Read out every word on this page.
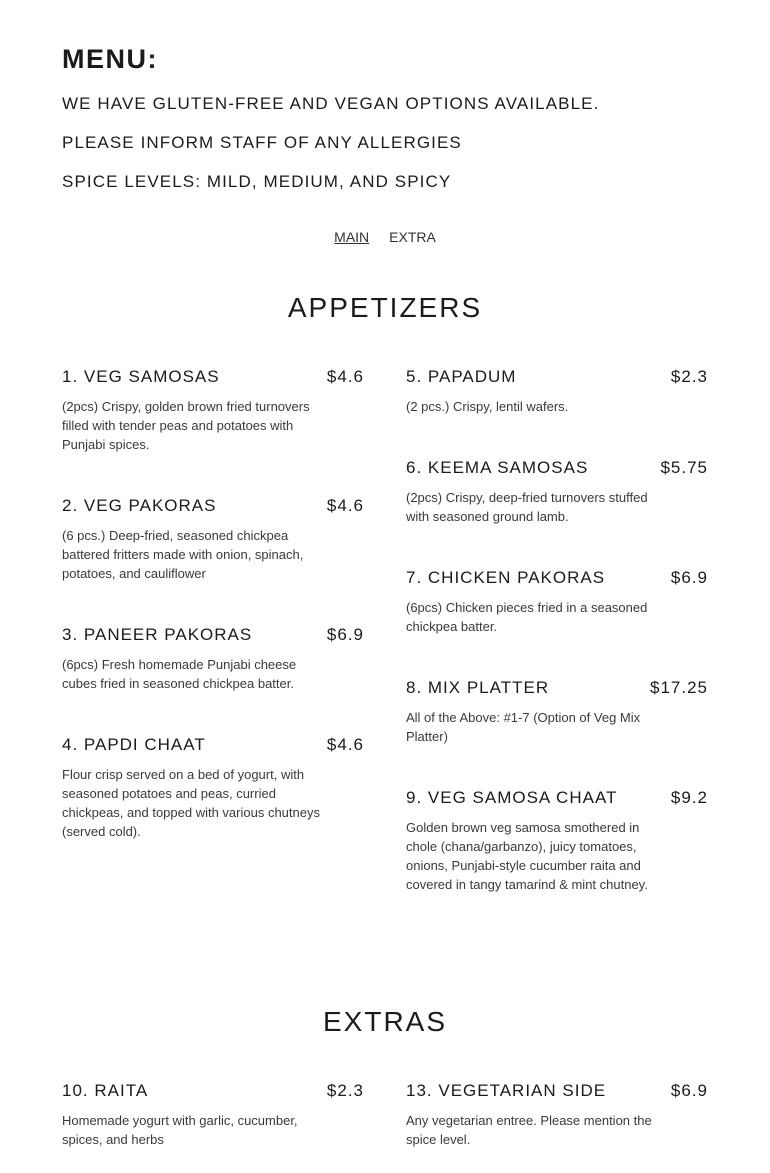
MENU:

WE HAVE GLUTEN-FREE AND VEGAN OPTIONS AVAILABLE.

PLEASE INFORM STAFF OF ANY ALLERGIES

SPICE LEVELS: MILD, MEDIUM, AND SPICY

MAIN EXTRA
APPETIZERS
1. VEG SAMOSAS	$4.6
(2pcs) Crispy, golden brown fried turnovers filled with tender peas and potatoes with Punjabi spices.
2. VEG PAKORAS	$4.6
(6 pcs.) Deep-fried, seasoned chickpea battered fritters made with onion, spinach, potatoes, and cauliflower
3. PANEER PAKORAS	$6.9
(6pcs) Fresh homemade Punjabi cheese cubes fried in seasoned chickpea batter.
4. PAPDI CHAAT	$4.6
Flour crisp served on a bed of yogurt, with seasoned potatoes and peas, curried chickpeas, and topped with various chutneys (served cold).
5. PAPADUM	$2.3
(2 pcs.) Crispy, lentil wafers.
6. KEEMA SAMOSAS	$5.75
(2pcs) Crispy, deep-fried turnovers stuffed with seasoned ground lamb.
7. CHICKEN PAKORAS	$6.9
(6pcs) Chicken pieces fried in a seasoned chickpea batter.
8. MIX PLATTER	$17.25
All of the Above: #1-7 (Option of Veg Mix Platter)
9. VEG SAMOSA CHAAT	$9.2
Golden brown veg samosa smothered in chole (chana/garbanzo), juicy tomatoes, onions, Punjabi-style cucumber raita and covered in tangy tamarind & mint chutney.
EXTRAS
10. RAITA	$2.3
Homemade yogurt with garlic, cucumber, spices, and herbs
13. VEGETARIAN SIDE	$6.9
Any vegetarian entree. Please mention the spice level.
